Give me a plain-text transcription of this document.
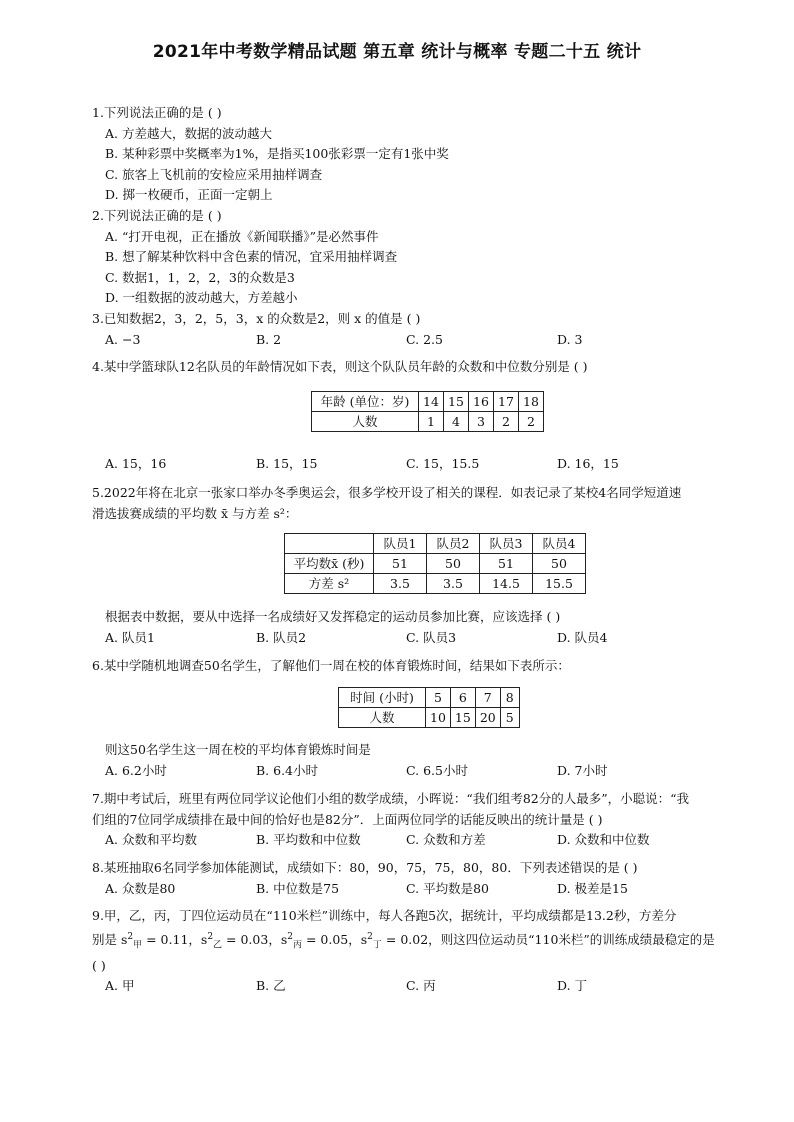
2021年中考数学精品试题 第五章 统计与概率 专题二十五 统计

1.下列说法正确的是 ( )

A. 方差越大，数据的波动越大

B. 某种彩票中奖概率为1%，是指买100张彩票一定有1张中奖

C. 旅客上飞机前的安检应采用抽样调查

D. 掷一枚硬币，正面一定朝上

2.下列说法正确的是 ( )

A. “打开电视，正在播放《新闻联播》”是必然事件

B. 想了解某种饮料中含色素的情况，宜采用抽样调查

C. 数据1，1，2，2，3的众数是3

D. 一组数据的波动越大，方差越小

3.已知数据2，3，2，5，3，x 的众数是2，则 x 的值是 ( )

A. −3	B. 2	C. 2.5	D. 3

4.某中学篮球队12名队员的年龄情况如下表，则这个队队员年龄的众数和中位数分别是 ( )

年龄 (单位：岁)	14	15	16	17	18
人数	1	4	3	2	2
A. 15，16	B. 15，15	C. 15，15.5	D. 16，15

5.2022年将在北京一张家口举办冬季奥运会，很多学校开设了相关的课程．如表记录了某校4名同学短道速

滑选拔赛成绩的平均数 x̄ 与方差 s²：

	队员1	队员2	队员3	队员4
平均数x̄ (秒)	51	50	51	50
方差 s²	3.5	3.5	14.5	15.5

根据表中数据，要从中选择一名成绩好又发挥稳定的运动员参加比赛，应该选择 ( )

A. 队员1	B. 队员2	C. 队员3	D. 队员4

6.某中学随机地调查50名学生，了解他们一周在校的体育锻炼时间，结果如下表所示：

时间 (小时)	5	6	7	8
人数	10	15	20	5

则这50名学生这一周在校的平均体育锻炼时间是

A. 6.2小时	B. 6.4小时	C. 6.5小时	D. 7小时

7.期中考试后，班里有两位同学议论他们小组的数学成绩，小晖说：“我们组考82分的人最多”，小聪说：“我

们组的7位同学成绩排在最中间的恰好也是82分”．上面两位同学的话能反映出的统计量是 ( )

A. 众数和平均数	B. 平均数和中位数	C. 众数和方差	D. 众数和中位数

8.某班抽取6名同学参加体能测试，成绩如下：80，90，75，75，80，80．下列表述错误的是 ( )

A. 众数是80	B. 中位数是75	C. 平均数是80	D. 极差是15

9.甲，乙，丙，丁四位运动员在“110米栏”训练中，每人各跑5次，据统计，平均成绩都是13.2秒，方差分

别是 $s^2_甲 = 0.11$，$s^2_乙 = 0.03$，$s^2_丙 = 0.05$，$s^2_丁 = 0.02$，则这四位运动员“110米栏”的训练成绩最稳定的是

( )

A. 甲	B. 乙	C. 丙	D. 丁
